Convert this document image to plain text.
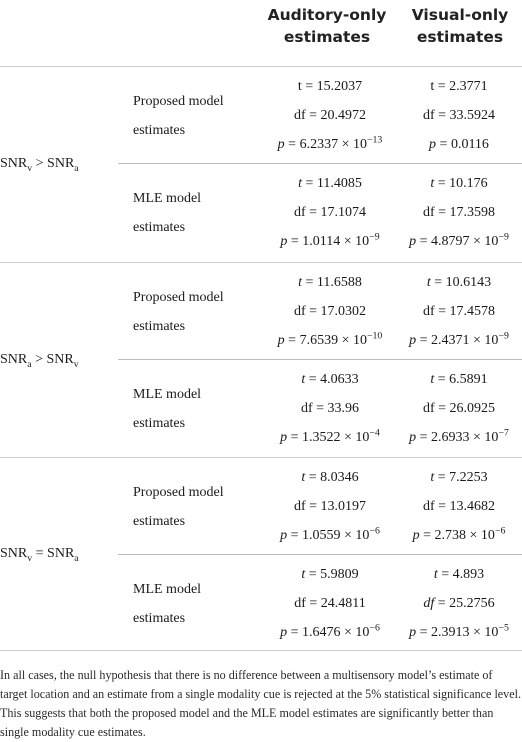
Auditory-only
estimates
Visual-only
estimates
$SNR_v > SNR_a$
Proposed model
estimates
t = 15.2037
df = 20.4972
$p = 6.2337 \times 10^{-13}$
t = 2.3771
df = 33.5924
p = 0.0116
MLE model
estimates
t = 11.4085
df = 17.1074
$p = 1.0114 \times 10^{-9}$
t = 10.176
df = 17.3598
$p = 4.8797 \times 10^{-9}$
$SNR_a > SNR_v$
Proposed model
estimates
t = 11.6588
df = 17.0302
$p = 7.6539 \times 10^{-10}$
t = 10.6143
df = 17.4578
$p = 2.4371 \times 10^{-9}$
MLE model
estimates
t = 4.0633
df = 33.96
$p = 1.3522 \times 10^{-4}$
t = 6.5891
df = 26.0925
$p = 2.6933 \times 10^{-7}$
$SNR_v = SNR_a$
Proposed model
estimates
t = 8.0346
df = 13.0197
$p = 1.0559 \times 10^{-6}$
t = 7.2253
df = 13.4682
$p = 2.738 \times 10^{-6}$
MLE model
estimates
t = 5.9809
df = 24.4811
$p = 1.6476 \times 10^{-6}$
t = 4.893
df = 25.2756
$p = 2.3913 \times 10^{-5}$
In all cases, the null hypothesis that there is no difference between a multisensory model’s estimate of target location and an estimate from a single modality cue is rejected at the 5% statistical significance level. This suggests that both the proposed model and the MLE model estimates are significantly better than single modality cue estimates.
